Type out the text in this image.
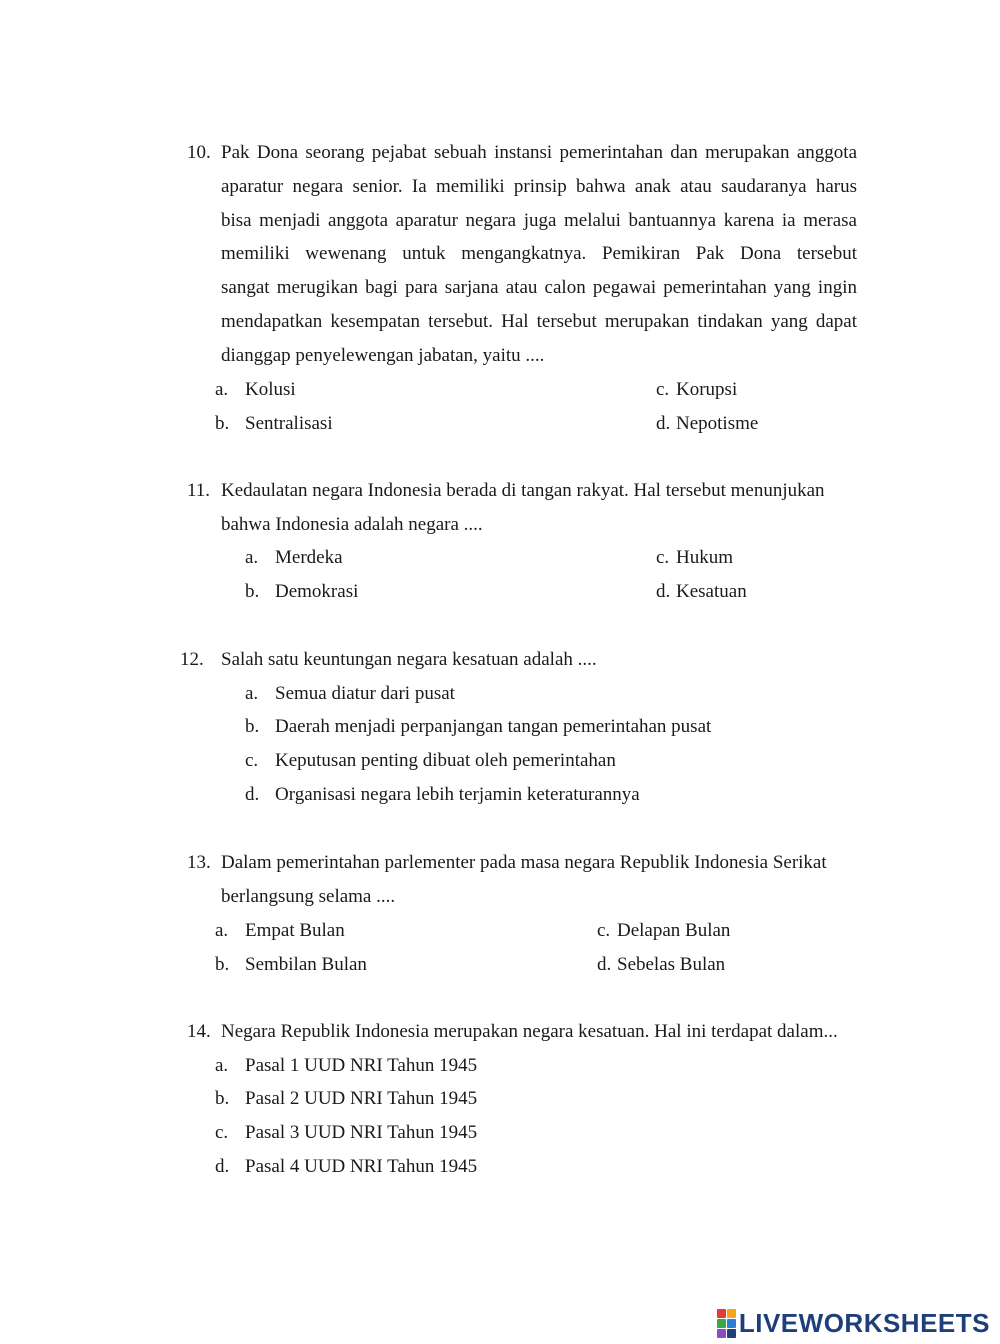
10. Pak Dona seorang pejabat sebuah instansi pemerintahan dan merupakan anggota
aparatur negara senior. Ia memiliki prinsip bahwa anak atau saudaranya harus
bisa menjadi anggota aparatur negara juga melalui bantuannya karena ia merasa
memiliki wewenang untuk mengangkatnya. Pemikiran Pak Dona tersebut
sangat merugikan bagi para sarjana atau calon pegawai pemerintahan yang ingin
mendapatkan kesempatan tersebut. Hal tersebut merupakan tindakan yang dapat
dianggap penyelewengan jabatan, yaitu ....
a. Kolusi	c. Korupsi
b. Sentralisasi	d. Nepotisme
11. Kedaulatan negara Indonesia berada di tangan rakyat. Hal tersebut menunjukan
bahwa Indonesia adalah negara ....
a. Merdeka	c. Hukum
b. Demokrasi	d. Kesatuan
12. Salah satu keuntungan negara kesatuan adalah ....
a. Semua diatur dari pusat
b. Daerah menjadi perpanjangan tangan pemerintahan pusat
c. Keputusan penting dibuat oleh pemerintahan
d. Organisasi negara lebih terjamin keteraturannya
13. Dalam pemerintahan parlementer pada masa negara Republik Indonesia Serikat
berlangsung selama ....
a. Empat Bulan	c. Delapan Bulan
b. Sembilan Bulan	d. Sebelas Bulan
14. Negara Republik Indonesia merupakan negara kesatuan. Hal ini terdapat dalam...
a. Pasal 1 UUD NRI Tahun 1945
b. Pasal 2 UUD NRI Tahun 1945
c. Pasal 3 UUD NRI Tahun 1945
d. Pasal 4 UUD NRI Tahun 1945
LIVEWORKSHEETS
